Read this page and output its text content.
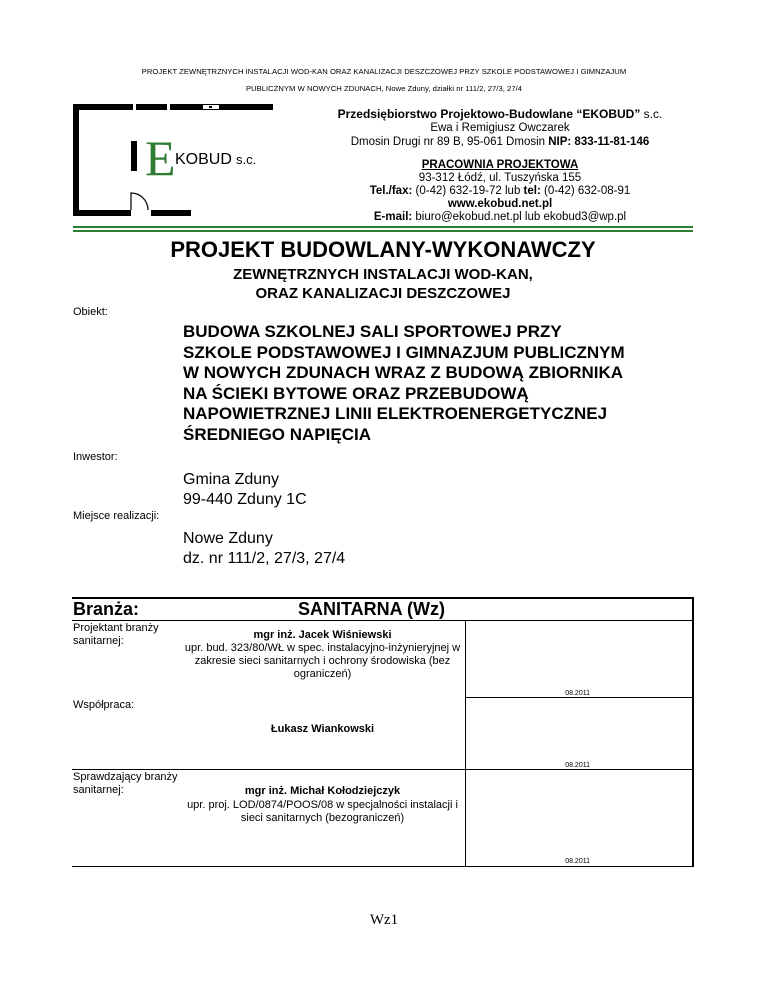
PROJEKT ZEWNĘTRZNYCH INSTALACJI WOD-KAN ORAZ KANALIZACJI DESZCZOWEJ PRZY SZKOLE PODSTAWOWEJ I GIMNZAJUM
PUBLICZNYM W NOWYCH ZDUNACH, Nowe Zduny, działki nr 111/2, 27/3, 27/4
E KOBUD s.c.
Przedsiębiorstwo Projektowo-Budowlane “EKOBUD” s.c.
Ewa i Remigiusz Owczarek
Dmosin Drugi nr 89 B, 95-061 Dmosin NIP: 833-11-81-146
PRACOWNIA PROJEKTOWA
93-312 Łódź, ul. Tuszyńska 155
Tel./fax: (0-42) 632-19-72 lub tel: (0-42) 632-08-91
www.ekobud.net.pl
E-mail: biuro@ekobud.net.pl lub ekobud3@wp.pl
PROJEKT BUDOWLANY-WYKONAWCZY
ZEWNĘTRZNYCH INSTALACJI WOD-KAN,
ORAZ KANALIZACJI DESZCZOWEJ
Obiekt:
BUDOWA SZKOLNEJ SALI SPORTOWEJ PRZY
SZKOLE PODSTAWOWEJ I GIMNAZJUM PUBLICZNYM
W NOWYCH ZDUNACH WRAZ Z BUDOWĄ ZBIORNIKA
NA ŚCIEKI BYTOWE ORAZ PRZEBUDOWĄ
NAPOWIETRZNEJ LINII ELEKTROENERGETYCZNEJ
ŚREDNIEGO NAPIĘCIA
Inwestor:
Gmina Zduny
99-440 Zduny 1C
Miejsce realizacji:
Nowe Zduny
dz. nr 111/2, 27/3, 27/4
Branża:	SANITARNA (Wz)
Projektant branży sanitarnej:	mgr inż. Jacek Wiśniewski
upr. bud. 323/80/WŁ w spec. instalacyjno-inżynieryjnej w zakresie sieci sanitarnych i ochrony środowiska (bez ograniczeń)
08.2011
Współpraca:
Łukasz Wiankowski
08.2011
Sprawdzający branży sanitarnej:	mgr inż. Michał Kołodziejczyk
upr. proj. LOD/0874/POOS/08 w specjalności instalacji i sieci sanitarnych (bezograniczeń)
08.2011
Wz1
